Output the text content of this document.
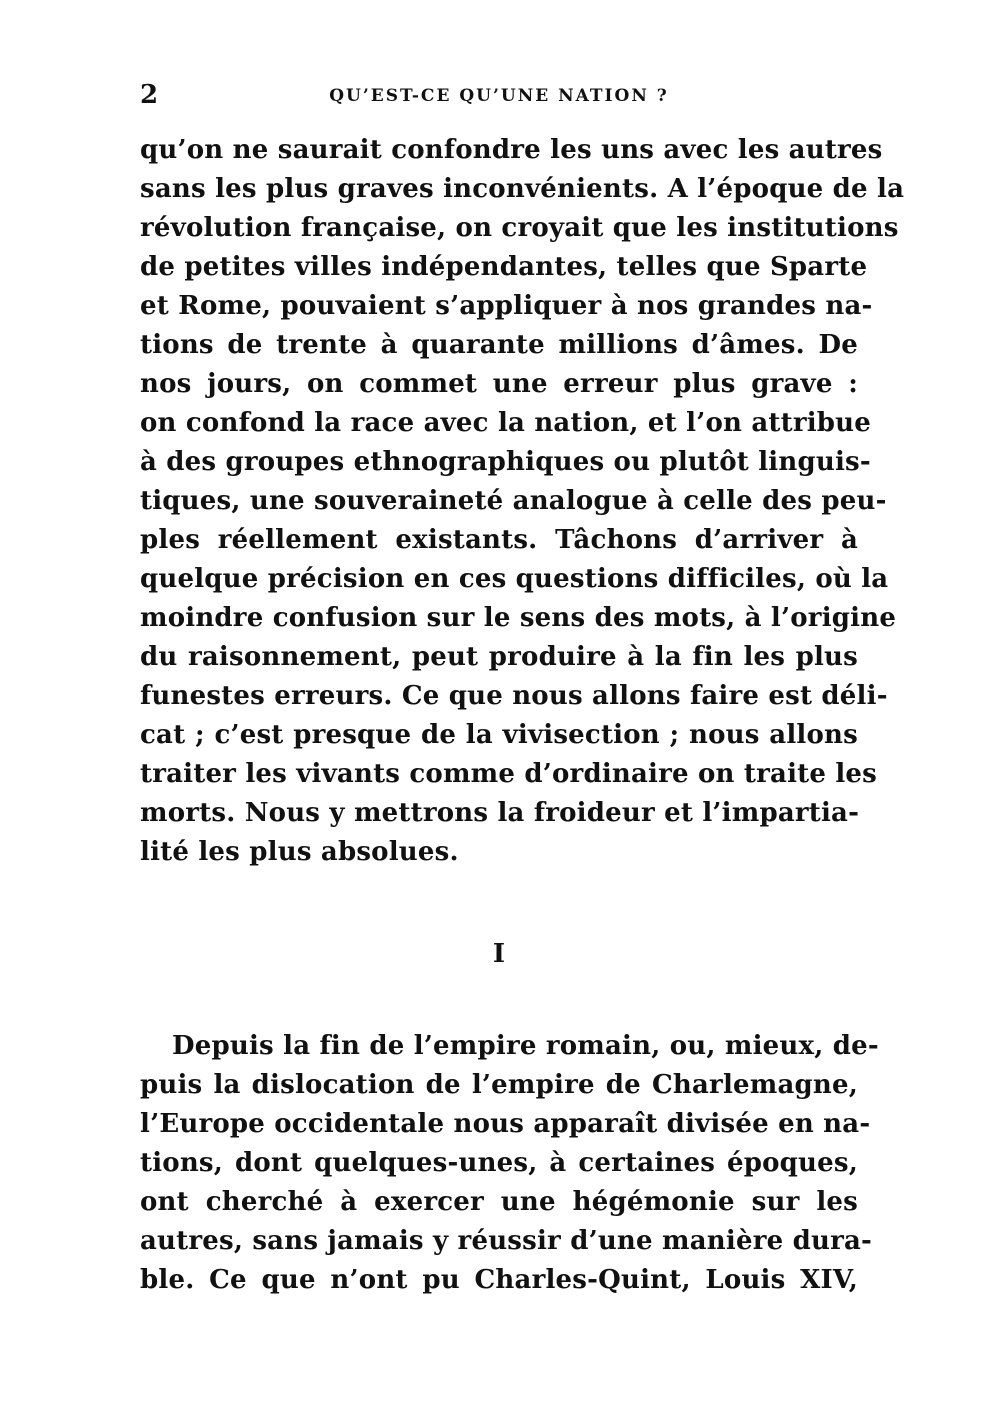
2	QU’EST-CE QU’UNE NATION ?
qu’on ne saurait confondre les uns avec les autres
sans les plus graves inconvénients. A l’époque de la
révolution française, on croyait que les institutions
de petites villes indépendantes, telles que Sparte
et Rome, pouvaient s’appliquer à nos grandes na-
tions de trente à quarante millions d’âmes. De
nos jours, on commet une erreur plus grave :
on confond la race avec la nation, et l’on attribue
à des groupes ethnographiques ou plutôt linguis-
tiques, une souveraineté analogue à celle des peu-
ples réellement existants. Tâchons d’arriver à
quelque précision en ces questions difficiles, où la
moindre confusion sur le sens des mots, à l’origine
du raisonnement, peut produire à la fin les plus
funestes erreurs. Ce que nous allons faire est déli-
cat ; c’est presque de la vivisection ; nous allons
traiter les vivants comme d’ordinaire on traite les
morts. Nous y mettrons la froideur et l’impartia-
lité les plus absolues.
I
Depuis la fin de l’empire romain, ou, mieux, de-
puis la dislocation de l’empire de Charlemagne,
l’Europe occidentale nous apparaît divisée en na-
tions, dont quelques-unes, à certaines époques,
ont cherché à exercer une hégémonie sur les
autres, sans jamais y réussir d’une manière dura-
ble. Ce que n’ont pu Charles-Quint, Louis XIV,
